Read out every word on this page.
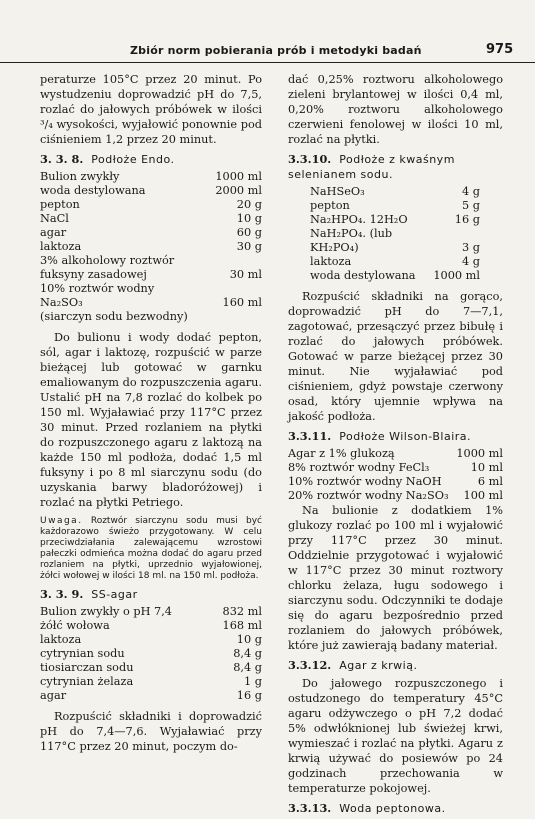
Zbiór norm pobierania prób i metodyki badań	975

peraturze 105°C przez 20 minut. Po wystudzeniu doprowadzić pH do 7,5, rozlać do jałowych próbówek w ilości ³/₄ wysokości, wyjałowić ponownie pod ciśnieniem 1,2 przez 20 minut.

3. 3. 8. Podłoże Endo.
Bulion zwykły	1000 ml
woda destylowana	2000 ml
pepton	20 g
NaCl	10 g
agar	60 g
laktoza	30 g
3% alkoholowy roztwór	
fuksyny zasadowej	30 ml
10% roztwór wodny	
Na₂SO₃	160 ml
(siarczyn sodu bezwodny)	

Do bulionu i wody dodać pepton, sól, agar i laktozę, rozpuścić w parze bieżącej lub gotować w garnku emaliowanym do rozpuszczenia agaru. Ustalić pH na 7,8 rozlać do kolbek po 150 ml. Wyjaławiać przy 117°C przez 30 minut. Przed rozlaniem na płytki do rozpuszczonego agaru z laktozą na każde 150 ml podłoża, dodać 1,5 ml fuksyny i po 8 ml siarczynu sodu (do uzyskania barwy bladoróżowej) i rozlać na płytki Petriego.

Uwaga. Roztwór siarczynu sodu musi być każdorazowo świeżo przygotowany. W celu przeciwdziałania zalewającemu wzrostowi pałeczki odmieńca można dodać do agaru przed rozlaniem na płytki, uprzednio wyjałowionej, żółci wołowej w ilości 18 ml. na 150 ml. podłoża.
3. 3. 9. SS-agar
Bulion zwykły o pH 7,4	832 ml
żółć wołowa	168 ml
laktoza	10 g
cytrynian sodu	8,4 g
tiosiarczan sodu	8,4 g
cytrynian żelaza	1 g
agar	16 g

Rozpuścić składniki i doprowadzić pH do 7,4—7,6. Wyjaławiać przy 117°C przez 20 minut, poczym do-

dać 0,25% roztworu alkoholowego zieleni brylantowej w ilości 0,4 ml, 0,20% roztworu alkoholowego czerwieni fenolowej w ilości 10 ml, rozlać na płytki.

3.3.10. Podłoże z kwaśnym selenianem sodu.
NaHSeO₃	4 g
pepton	5 g
Na₂HPO₄. 12H₂O	16 g
NaH₂PO₄. (lub	
KH₂PO₄)	3 g
laktoza	4 g
woda destylowana	1000 ml

Rozpuścić składniki na gorąco, doprowadzić pH do 7—7,1, zagotować, przesączyć przez bibułę i rozlać do jałowych próbówek. Gotować w parze bieżącej przez 30 minut. Nie wyjaławiać pod ciśnieniem, gdyż powstaje czerwony osad, który ujemnie wpływa na jakość podłoża.

3.3.11. Podłoże Wilson-Blaira.
Agar z 1% glukozą	1000 ml
8% roztwór wodny FeCl₃	10 ml
10% roztwór wodny NaOH	6 ml
20% roztwór wodny Na₂SO₃	100 ml

Na bulionie z dodatkiem 1% glukozy rozlać po 100 ml i wyjałowić przy 117°C przez 30 minut. Oddzielnie przygotować i wyjałowić w 117°C przez 30 minut roztwory chlorku żelaza, ługu sodowego i siarczynu sodu. Odczynniki te dodaje się do agaru bezpośrednio przed rozlaniem do jałowych próbówek, które już zawierają badany materiał.

3.3.12. Agar z krwią.

Do jałowego rozpuszczonego i ostudzonego do temperatury 45°C agaru odżywczego o pH 7,2 dodać 5% odwłóknionej lub świeżej krwi, wymieszać i rozlać na płytki. Agaru z krwią używać do posiewów po 24 godzinach przechowania w temperaturze pokojowej.

3.3.13. Woda peptonowa.
